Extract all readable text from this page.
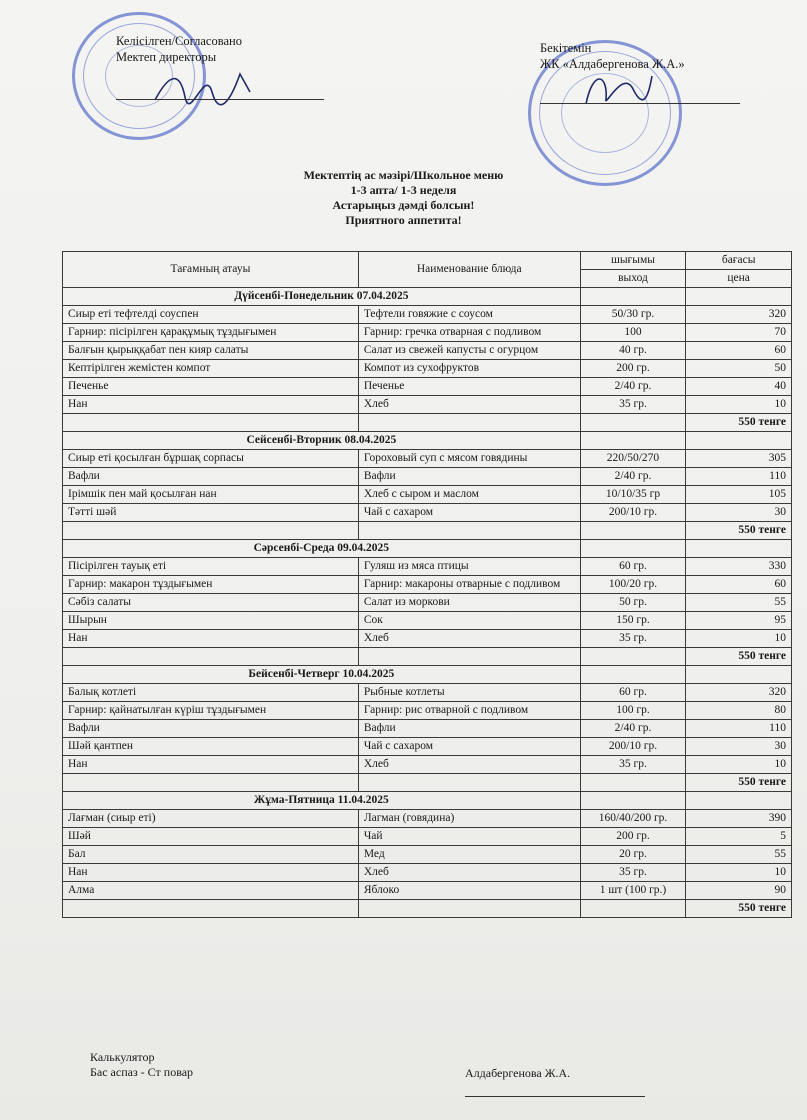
Келісілген/Согласовано
Мектеп директоры
Бекітемін
ЖК «Алдабергенова Ж.А.»
Мектептің ас мәзірі/Школьное меню
1-3 апта/ 1-3 неделя
Астарыңыз дәмді болсын!
Приятного аппетита!
Тағамның атауы	Наименование блюда	шығымы	бағасы
		выход	цена
Дүйсенбі-Понедельник 07.04.2025			
Сиыр еті тефтелді соуспен	Тефтели говяжие с соусом	50/30 гр.	320
Гарнир: пісірілген қарақұмық тұздығымен	Гарнир: гречка отварная с подливом	100	70
Балғын қырыққабат пен кияр салаты	Салат из свежей капусты с огурцом	40 гр.	60
Кептірілген жемістен компот	Компот из сухофруктов	200 гр.	50
Печенье	Печенье	2/40 гр.	40
Нан	Хлеб	35 гр.	10
			550 тенге
Сейсенбі-Вторник 08.04.2025			
Сиыр еті қосылған бұршақ сорпасы	Гороховый суп с мясом говядины	220/50/270	305
Вафли	Вафли	2/40 гр.	110
Ірімшік пен май қосылған нан	Хлеб с сыром и маслом	10/10/35 гр	105
Тәтті шәй	Чай с сахаром	200/10 гр.	30
			550 тенге
Сәрсенбі-Среда 09.04.2025			
Пісірілген тауық еті	Гуляш из мяса птицы	60 гр.	330
Гарнир: макарон тұздығымен	Гарнир: макароны отварные с подливом	100/20 гр.	60
Сәбіз салаты	Салат из моркови	50 гр.	55
Шырын	Сок	150 гр.	95
Нан	Хлеб	35 гр.	10
			550 тенге
Бейсенбі-Четверг 10.04.2025			
Балық котлеті	Рыбные котлеты	60 гр.	320
Гарнир: қайнатылған күріш тұздығымен	Гарнир: рис отварной с подливом	100 гр.	80
Вафли	Вафли	2/40 гр.	110
Шәй қантпен	Чай с сахаром	200/10 гр.	30
Нан	Хлеб	35 гр.	10
			550 тенге
Жұма-Пятница 11.04.2025			
Лағман (сиыр еті)	Лагман (говядина)	160/40/200 гр.	390
Шәй	Чай	200 гр.	5
Бал	Мед	20 гр.	55
Нан	Хлеб	35 гр.	10
Алма	Яблоко	1 шт (100 гр.)	90
			550 тенге
Калькулятор
Бас аспаз - Ст повар	Алдабергенова Ж.А.
